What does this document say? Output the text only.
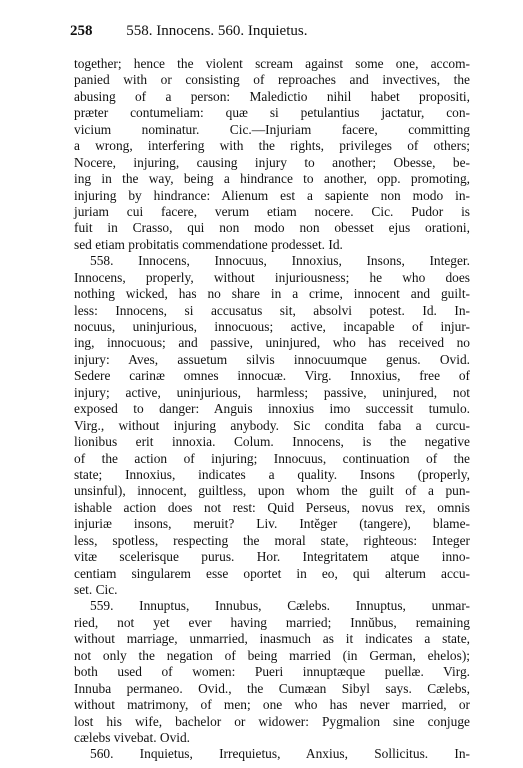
258 558. Innocens. 560. Inquietus.
together; hence the violent scream against some one, accom-
panied with or consisting of reproaches and invectives, the
abusing of a person: Maledictio nihil habet propositi,
præter contumeliam: quæ si petulantius jactatur, con-
vicium nominatur. Cic.—Injuriam facere, committing
a wrong, interfering with the rights, privileges of others;
Nocere, injuring, causing injury to another; Obesse, be-
ing in the way, being a hindrance to another, opp. promoting,
injuring by hindrance: Alienum est a sapiente non modo in-
juriam cui facere, verum etiam nocere. Cic. Pudor is
fuit in Crasso, qui non modo non obesset ejus orationi,
sed etiam probitatis commendatione prodesset. Id.
558. Innocens, Innocuus, Innoxius, Insons, Integer.
Innocens, properly, without injuriousness; he who does
nothing wicked, has no share in a crime, innocent and guilt-
less: Innocens, si accusatus sit, absolvi potest. Id. In-
nocuus, uninjurious, innocuous; active, incapable of injur-
ing, innocuous; and passive, uninjured, who has received no
injury: Aves, assuetum silvis innocuumque genus. Ovid.
Sedere carinæ omnes innocuæ. Virg. Innoxius, free of
injury; active, uninjurious, harmless; passive, uninjured, not
exposed to danger: Anguis innoxius imo successit tumulo.
Virg., without injuring anybody. Sic condita faba a curcu-
lionibus erit innoxia. Colum. Innocens, is the negative
of the action of injuring; Innocuus, continuation of the
state; Innoxius, indicates a quality. Insons (properly,
unsinful), innocent, guiltless, upon whom the guilt of a pun-
ishable action does not rest: Quid Perseus, novus rex, omnis
injuriæ insons, meruit? Liv. Intĕger (tangere), blame-
less, spotless, respecting the moral state, righteous: Integer
vitæ scelerisque purus. Hor. Integritatem atque inno-
centiam singularem esse oportet in eo, qui alterum accu-
set. Cic.
559. Innuptus, Innubus, Cælebs. Innuptus, unmar-
ried, not yet ever having married; Innŭbus, remaining
without marriage, unmarried, inasmuch as it indicates a state,
not only the negation of being married (in German, ehelos);
both used of women: Pueri innuptæque puellæ. Virg.
Innuba permaneo. Ovid., the Cumæan Sibyl says. Cælebs,
without matrimony, of men; one who has never married, or
lost his wife, bachelor or widower: Pygmalion sine conjuge
cælebs vivebat. Ovid.
560. Inquietus, Irrequietus, Anxius, Sollicitus. In-
